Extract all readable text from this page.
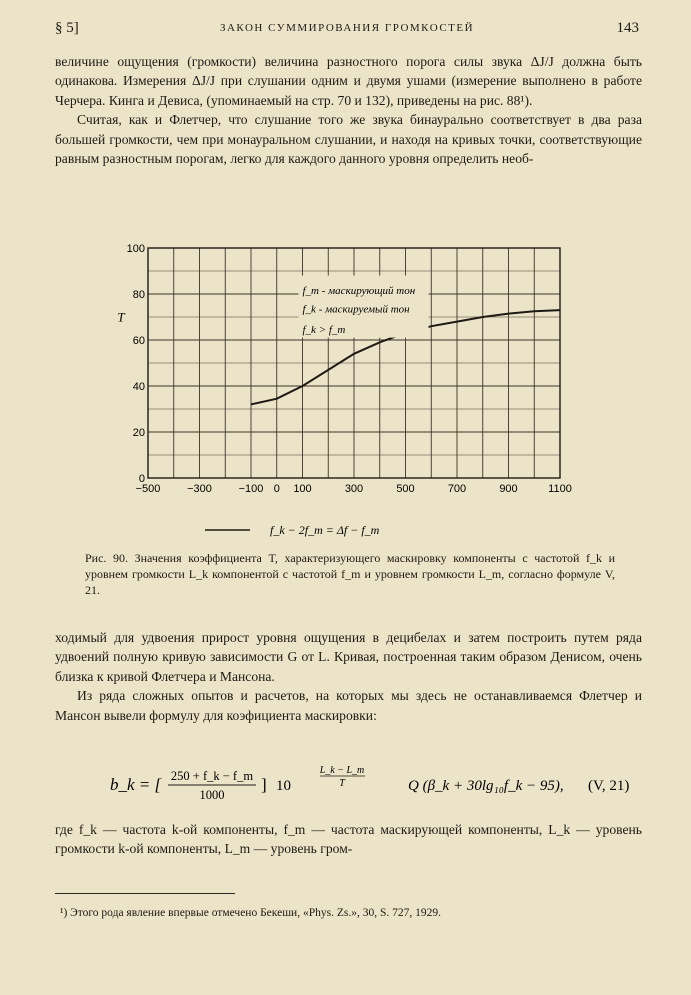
§ 5]	ЗАКОН СУММИРОВАНИЯ ГРОМКОСТЕЙ	143

величине ощущения (громкости) величина разностного порога силы звука ΔJ/J должна быть одинакова. Измерения ΔJ/J при слушании одним и двумя ушами (измерение выполнено в работе Черчера. Кинга и Девиса, (упоминаемый на стр. 70 и 132), приведены на рис. 88¹).

Считая, как и Флетчер, что слушание того же звука бинаурально соответствует в два раза большей громкости, чем при монауральном слушании, и находя на кривых точки, соответствующие равным разностным порогам, легко для каждого данного уровня определить необ-

0
20
40
60
80
100
−500 −300 −100 0 100	300	500	700	900	1100
T
f_m - маскирующий тон
f_k - маскируемый тон
f_k > f_m
f_k − 2f_m = Δf − f_m
Рис. 90. Значения коэффициента T, характеризующего маскировку компоненты с частотой f_k и уровнем громкости L_k компонентой с частотой f_m и уровнем громкости L_m, согласно формуле V, 21.

ходимый для удвоения прирост уровня ощущения в децибелах и затем построить путем ряда удвоений полную кривую зависимости G от L. Кривая, построенная таким образом Денисом, очень близка к кривой Флетчера и Мансона.

Из ряда сложных опытов и расчетов, на которых мы здесь не останавливаемся Флетчер и Мансон вывели формулу для коэфициента маскировки:

b_k = [ 250 + f_k − f_m
1000
] 10
L_k − L_m
T	Q (β_k + 30lg₁₀f_k − 95), (V, 21)

где f_k — частота k-ой компоненты, f_m — частота маскирующей компоненты, L_k — уровень громкости k-ой компоненты, L_m — уровень гром-

¹) Этого рода явление впервые отмечено Бекеши, «Phys. Zs.», 30, S. 727, 1929.
